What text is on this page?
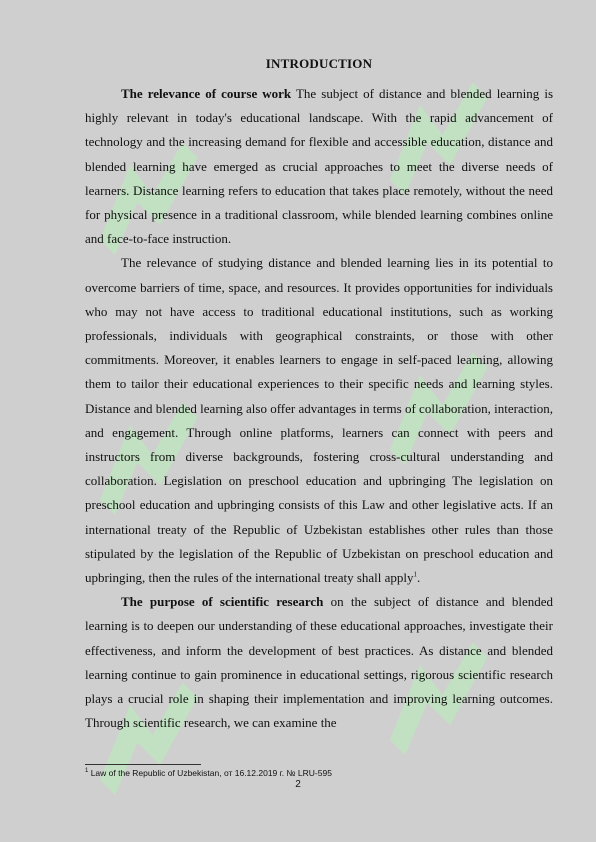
INTRODUCTION

The relevance of course work The subject of distance and blended learning is highly relevant in today's educational landscape. With the rapid advancement of technology and the increasing demand for flexible and accessible education, distance and blended learning have emerged as crucial approaches to meet the diverse needs of learners. Distance learning refers to education that takes place remotely, without the need for physical presence in a traditional classroom, while blended learning combines online and face-to-face instruction.

The relevance of studying distance and blended learning lies in its potential to overcome barriers of time, space, and resources. It provides opportunities for individuals who may not have access to traditional educational institutions, such as working professionals, individuals with geographical constraints, or those with other commitments. Moreover, it enables learners to engage in self-paced learning, allowing them to tailor their educational experiences to their specific needs and learning styles. Distance and blended learning also offer advantages in terms of collaboration, interaction, and engagement. Through online platforms, learners can connect with peers and instructors from diverse backgrounds, fostering cross-cultural understanding and collaboration. Legislation on preschool education and upbringing The legislation on preschool education and upbringing consists of this Law and other legislative acts. If an international treaty of the Republic of Uzbekistan establishes other rules than those stipulated by the legislation of the Republic of Uzbekistan on preschool education and upbringing, then the rules of the international treaty shall apply$^1$.

The purpose of scientific research on the subject of distance and blended learning is to deepen our understanding of these educational approaches, investigate their effectiveness, and inform the development of best practices. As distance and blended learning continue to gain prominence in educational settings, rigorous scientific research plays a crucial role in shaping their implementation and improving learning outcomes. Through scientific research, we can examine the

$^1$ Law of the Republic of Uzbekistan, от 16.12.2019 г. № LRU-595
2
